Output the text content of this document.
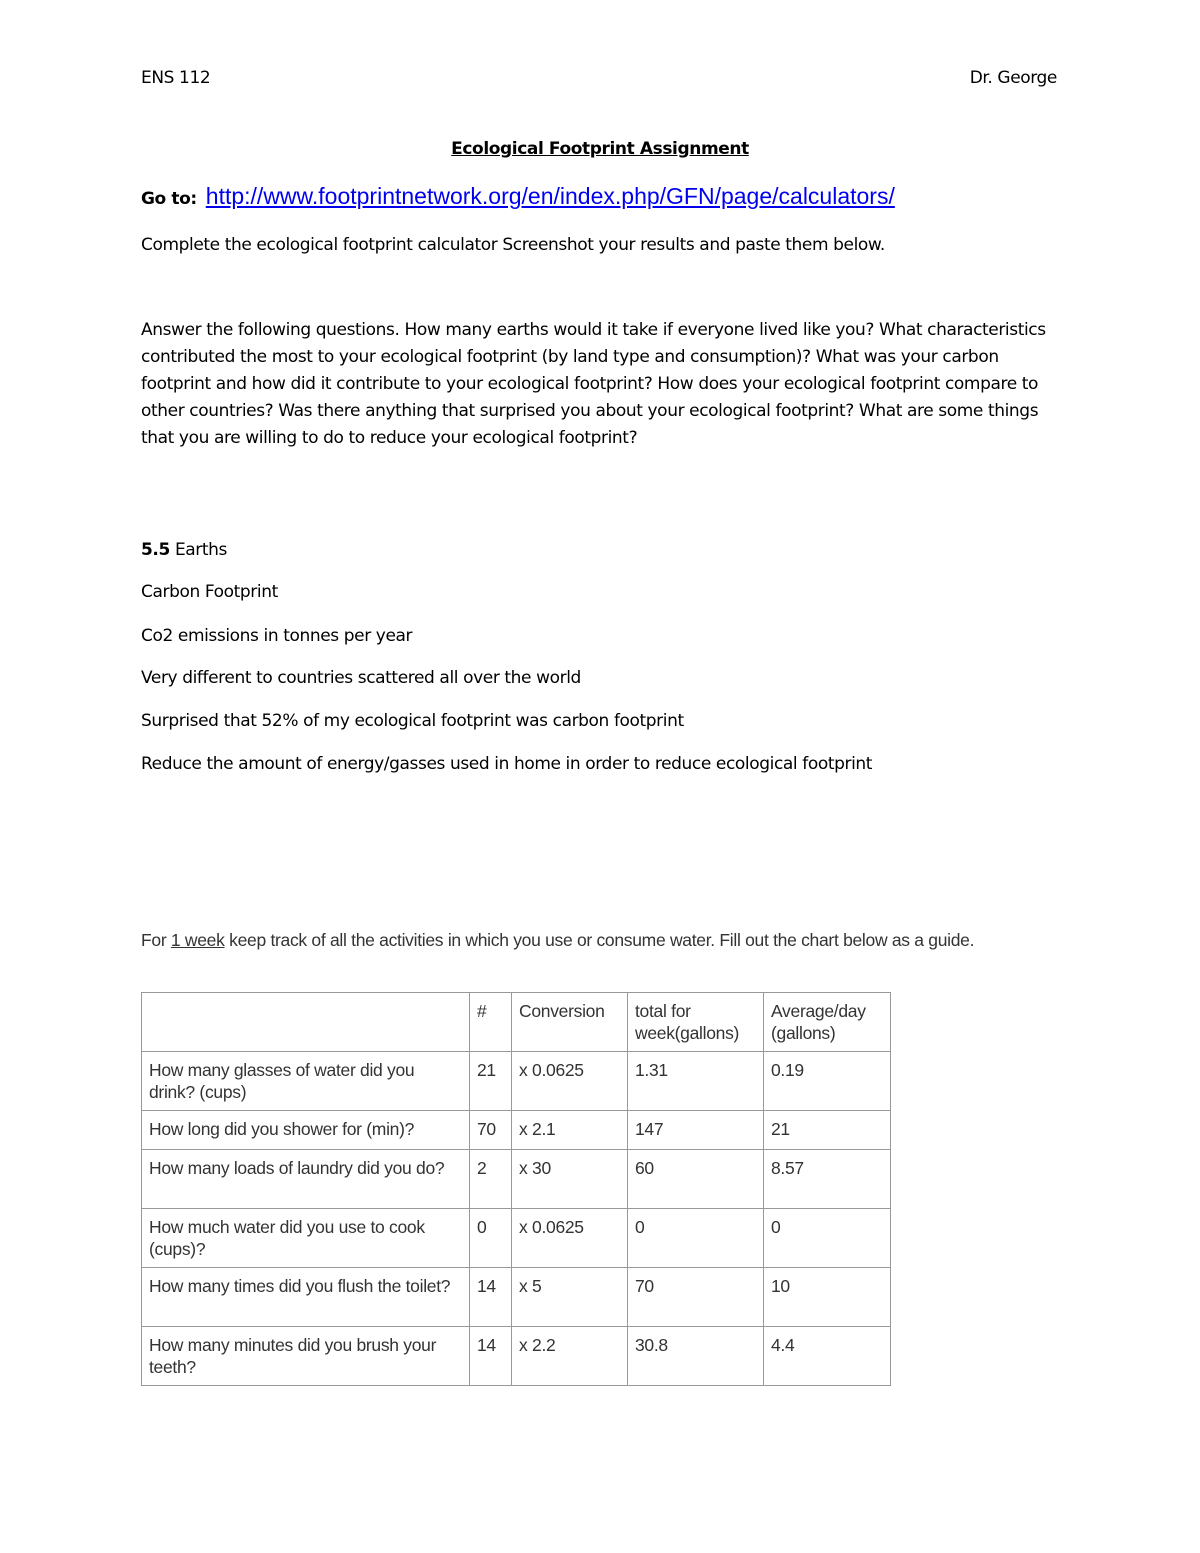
ENS 112	Dr. George
Ecological Footprint Assignment
Go to: http://www.footprintnetwork.org/en/index.php/GFN/page/calculators/
Complete the ecological footprint calculator Screenshot your results and paste them below.
Answer the following questions. How many earths would it take if everyone lived like you? What characteristics contributed the most to your ecological footprint (by land type and consumption)? What was your carbon footprint and how did it contribute to your ecological footprint? How does your ecological footprint compare to other countries? Was there anything that surprised you about your ecological footprint? What are some things that you are willing to do to reduce your ecological footprint?
5.5 Earths
Carbon Footprint
Co2 emissions in tonnes per year
Very different to countries scattered all over the world
Surprised that 52% of my ecological footprint was carbon footprint
Reduce the amount of energy/gasses used in home in order to reduce ecological footprint
For 1 week keep track of all the activities in which you use or consume water. Fill out the chart below as a guide.
	#	Conversion	total for week(gallons)	Average/day (gallons)
How many glasses of water did you drink? (cups)	21	x 0.0625	1.31	0.19
How long did you shower for (min)?	70	x 2.1	147	21
How many loads of laundry did you do?	2	x 30	60	8.57
How much water did you use to cook (cups)?	0	x 0.0625	0	0
How many times did you flush the toilet?	14	x 5	70	10
How many minutes did you brush your teeth?	14	x 2.2	30.8	4.4
